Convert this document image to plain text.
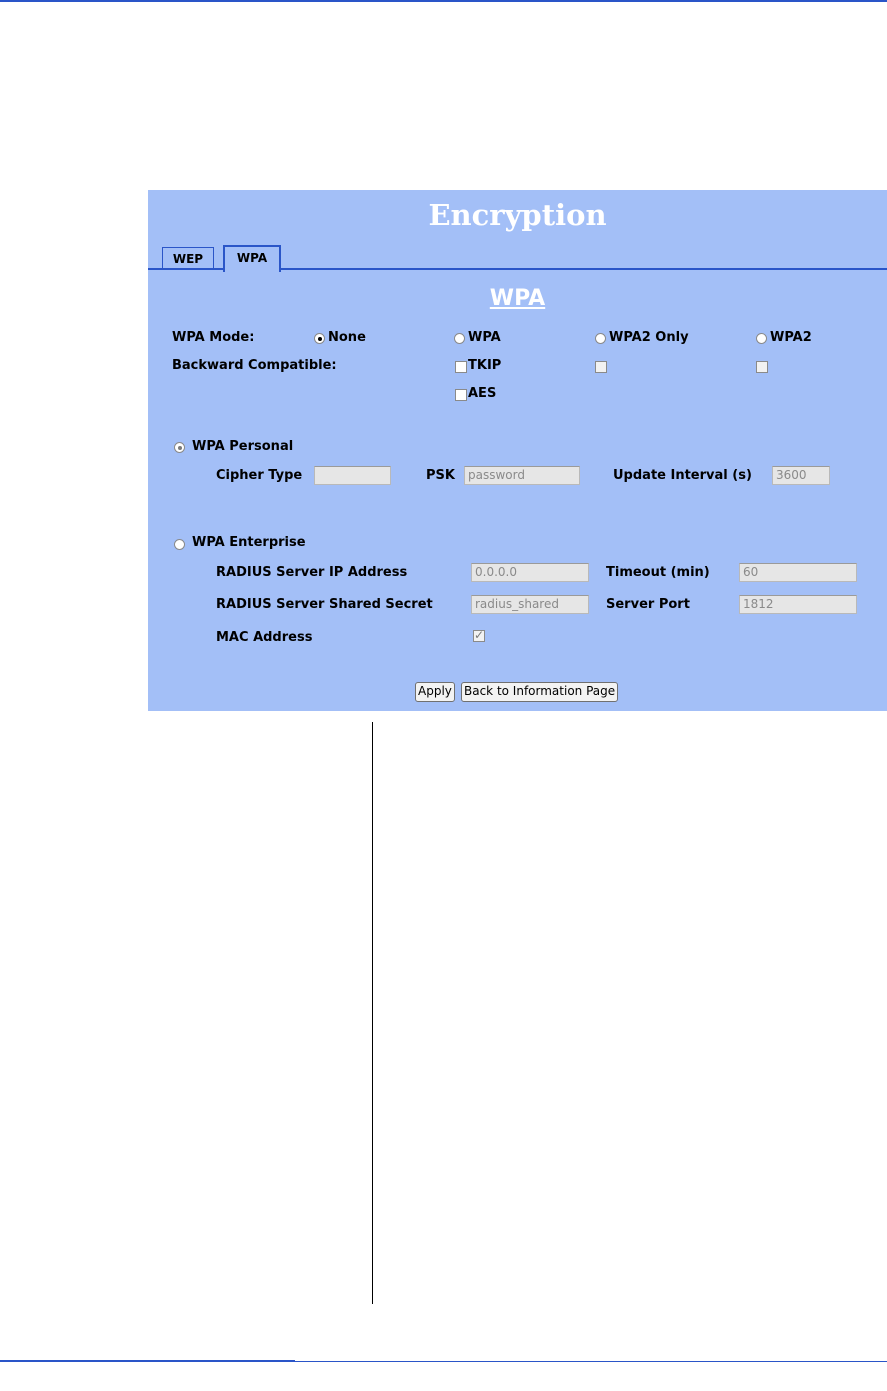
Encryption
WEP	WPA
WPA
WPA Mode:	None	WPA	WPA2 Only	WPA2
Backward Compatible:	TKIP
AES
WPA Personal
Cipher Type	PSK	password	Update Interval (s)	3600
WPA Enterprise
RADIUS Server IP Address	0.0.0.0	Timeout (min)	60
RADIUS Server Shared Secret	radius_shared	Server Port	1812
MAC Address	✓
Apply Back to Information Page
